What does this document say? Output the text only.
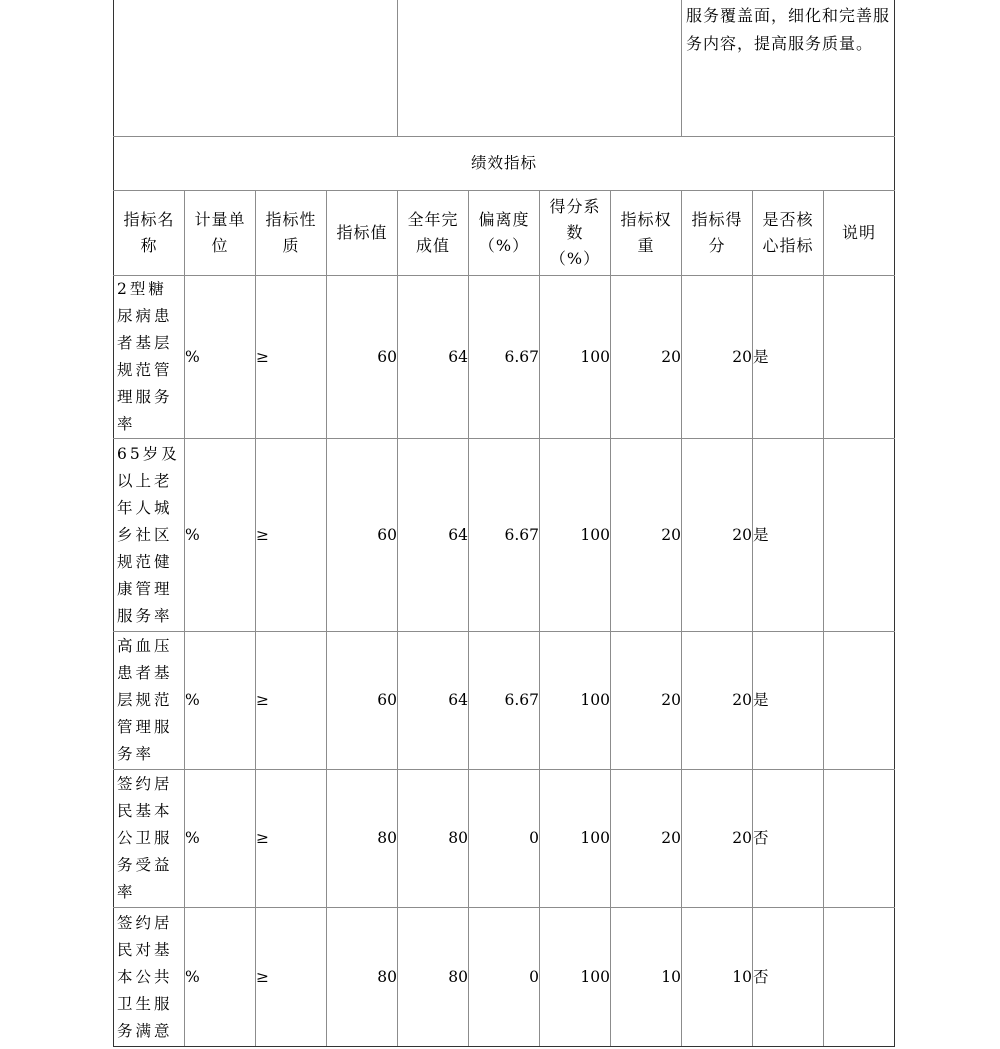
								服务覆盖面，细化和完善服务内容，提高服务质量。		

绩效指标										
指标名称	计量单位	指标性质	指标值	全年完成值	偏离度（%）	得分系数（%）	指标权重	指标得分	是否核心指标	说明
2型糖尿病患者基层规范管理服务率	%	≥	60	64	6.67	100	20	20	是	
65岁及以上老年人城乡社区规范健康管理服务率	%	≥	60	64	6.67	100	20	20	是	
高血压患者基层规范管理服务率	%	≥	60	64	6.67	100	20	20	是	
签约居民基本公卫服务受益率	%	≥	80	80	0	100	20	20	否	
签约居民对基本公共卫生服务满意	%	≥	80	80	0	100	10	10	否	
